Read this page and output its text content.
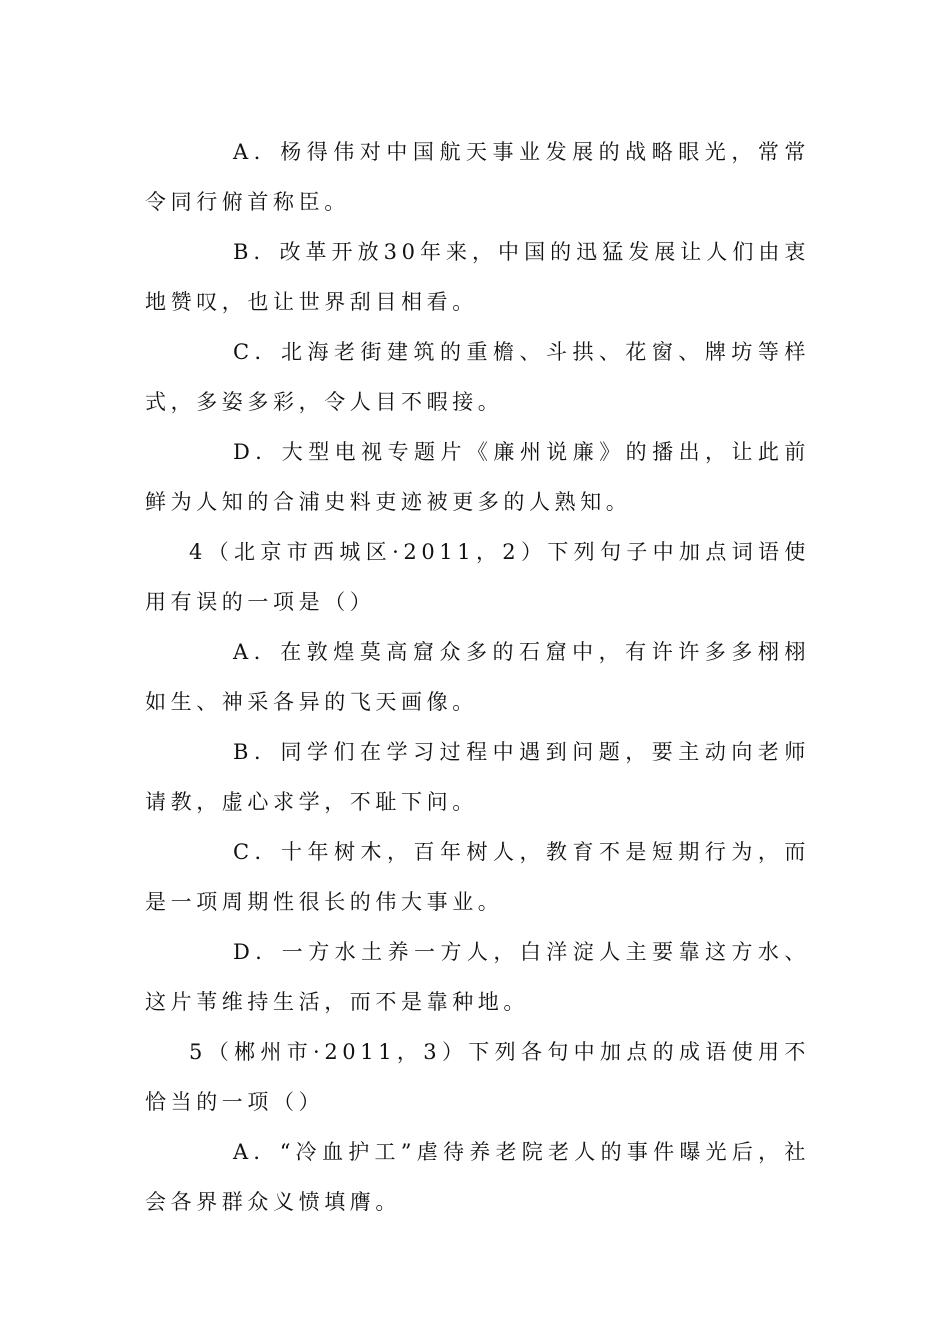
A．杨得伟对中国航天事业发展的战略眼光，常常令同行俯首称臣。

B．改革开放30年来，中国的迅猛发展让人们由衷地赞叹，也让世界刮目相看。

C．北海老街建筑的重檐、斗拱、花窗、牌坊等样式，多姿多彩，令人目不暇接。

D．大型电视专题片《廉州说廉》的播出，让此前鲜为人知的合浦史料吏迹被更多的人熟知。

4（北京市西城区·2011，2）下列句子中加点词语使用有误的一项是（）

A．在敦煌莫高窟众多的石窟中，有许许多多栩栩如生、神采各异的飞天画像。

B．同学们在学习过程中遇到问题，要主动向老师请教，虚心求学，不耻下问。

C．十年树木，百年树人，教育不是短期行为，而是一项周期性很长的伟大事业。

D．一方水土养一方人，白洋淀人主要靠这方水、这片苇维持生活，而不是靠种地。

5（郴州市·2011，3）下列各句中加点的成语使用不恰当的一项（）

A．“冷血护工”虐待养老院老人的事件曝光后，社会各界群众义愤填膺。
